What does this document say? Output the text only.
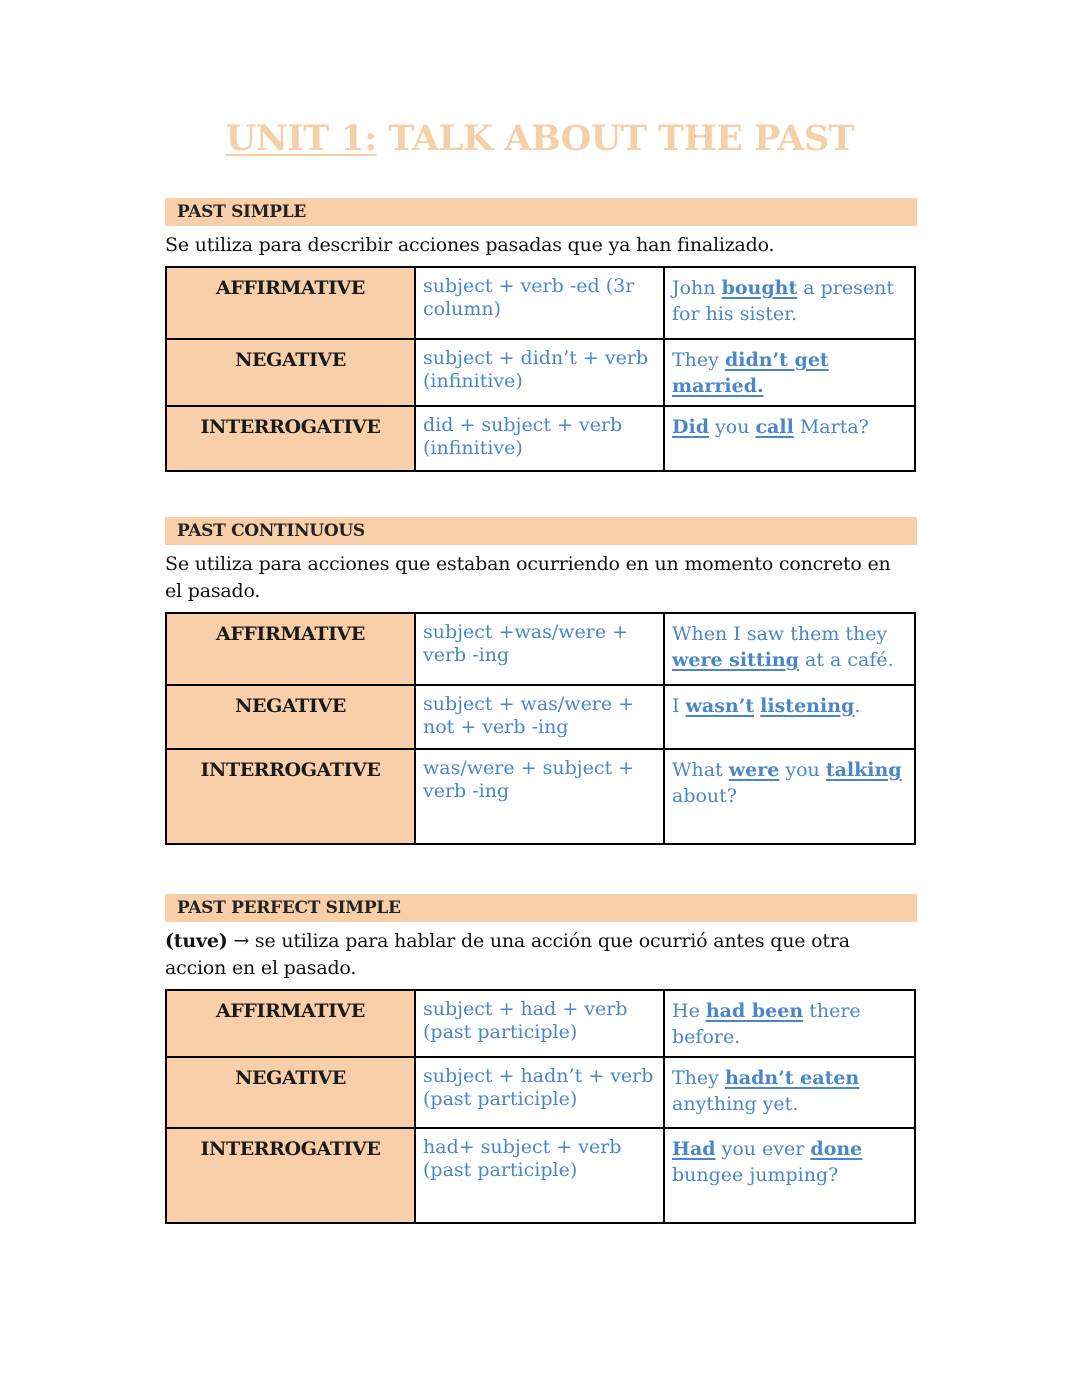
UNIT 1: TALK ABOUT THE PAST
PAST SIMPLE
Se utiliza para describir acciones pasadas que ya han finalizado.
AFFIRMATIVE	subject + verb -ed (3r column)	John bought a present for his sister.
NEGATIVE	subject + didn’t + verb (infinitive)	They didn’t get married.
INTERROGATIVE	did + subject + verb (infinitive)	Did you call Marta?
PAST CONTINUOUS
Se utiliza para acciones que estaban ocurriendo en un momento concreto en el pasado.
AFFIRMATIVE	subject +was/were + verb -ing	When I saw them they were sitting at a café.
NEGATIVE	subject + was/were + not + verb -ing	I wasn’t listening.
INTERROGATIVE	was/were + subject + verb -ing	What were you talking about?
PAST PERFECT SIMPLE
(tuve) → se utiliza para hablar de una acción que ocurrió antes que otra accion en el pasado.
AFFIRMATIVE	subject + had + verb (past participle)	He had been there before.
NEGATIVE	subject + hadn’t + verb (past participle)	They hadn’t eaten anything yet.
INTERROGATIVE	had+ subject + verb (past participle)	Had you ever done bungee jumping?
